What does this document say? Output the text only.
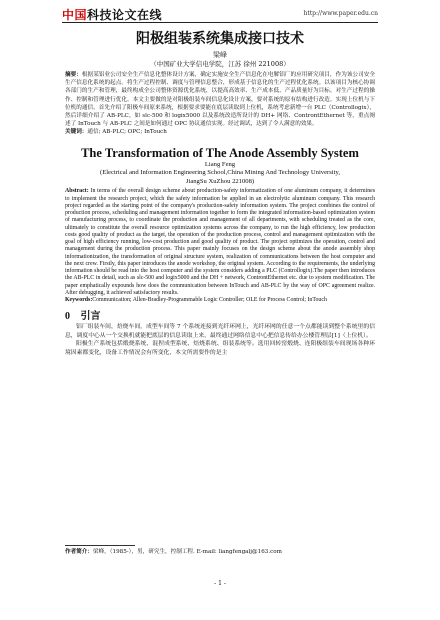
中国科技论文在线	http://www.paper.edu.cn
阳极组装系统集成接口技术
梁峰
（中国矿业大学信电学院，江苏 徐州 221008）

摘要：根据某铝业公司安全生产信息化整体设计方案，确定实施安全生产信息化在电解铝厂的应用研究项目，作为该公司安全生产信息化系统的起点。将生产过程控制、调度与管理信息整合，形成基于信息化的生产过程优化系统。以该项目为核心协调各部门的生产和管理，最终构成全公司整体资源优化系统，以提高高效率、生产成本低、产品质量好为目标。对生产过程的操作、控制和管理进行优化。本文主要做的是对阳极组装车间信息化设计方案，要对系统的原有结构进行改造。实现上位机与下位机的通信，首先介绍了阳极车间原来系统，根据要求要能在底层读取到上位机，系统考虑新增一台 PLC（Controllogix），然后详细介绍了 AB-PLC，如 slc-500 和 logix5000 以及系统改造所设计的 DH+ 网络、ControntEthernet 等，重点阐述了 InTouch 与 AB-PLC 之间是如何通过 OPC 协议通信实现。经过调试，达到了令人满意的效果。

关键词：通信; AB-PLC; OPC; InTouch

The Transformation of The Anode Assembly System
Liang Feng
(Electrical and Information Engineering School,China Mining And Technology University,
JiangSu XuZhou 221008)

Abstract: In terms of the overall design scheme about production-safety informatization of one aluminum company, it determines to implement the research project, which the safety information be applied in an electrolytic aluminum company. This research project regarded as the starting point of the company's production-safety information system. The project combines the control of production process, scheduling and management information together to form the integrated information-based optimization system of manufacturing process, to coordinate the production and management of all departments, with scheduling treated as the core, ultimately to constitute the overall resource optimization systems across the company, to run the high efficiency, low production costs good quality of product as the target, the operation of the production process, control and management optimization with the goal of high efficiency running, low-cost production and good quality of product. The project optimizes the operation, control and management during the production process. This paper mainly focuses on the design scheme about the anode assembly shop informationization, the transformation of original structure system, realization of communications between the host computer and the next crew. Firstly, this paper introduces the anode workshop, the original system. According to the requirements, the underlying information should be read into the host computer and the system considers adding a PLC (Controllogix).The paper then introduces the AB-PLC in detail, such as slc-500 and logix5000 and the DH + network, ControntEthernet etc. due to system modification. The paper emphatically expounds how does the communication between InTouch and AB-PLC by the way of OPC agreement realize. After debugging, it achieved satisfactory results.

Keywords:Communication; Allen-Bradley-Programmable Logic Controller; OLE for Process Control; InTouch

0 引言

铝厂组装车间，焙烧车间，成型车间等 7 个系统连接到光纤环网上，光纤环网的任意一个点都能读到整个系统里的信息，调度中心从一个交换机就能把底层的信息读取上来，最终通过网络信息中心把信息传给办公楼管理层[1]（上位机）。

阳极生产系统包括煅烧系统、混捏成型系统、焙烧系统、组装系统等。选用回转窑煅烧、连阳极组装车间现场各种环境因素都变化，设备工作情况会有所变化，本文所需要作的是主

作者简介：梁峰，（1985-），男，研究生，控制工程. E-mail: liangfengalj@163.com
- 1 -
